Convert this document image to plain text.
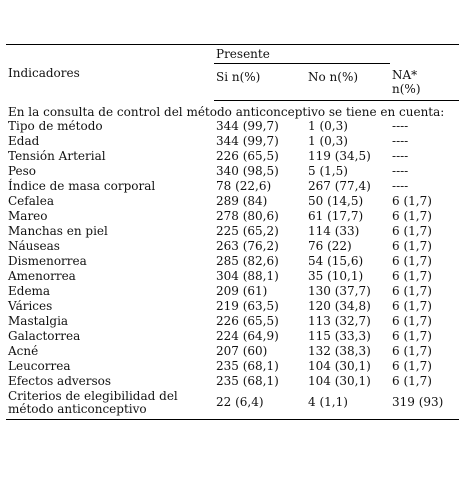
Indicadores	Presente		
	Si n(%)	No n(%)	NA*
n(%)
En la consulta de control del método anticonceptivo se tiene en cuenta:			
Tipo de método	344 (99,7)	1 (0,3)	----
Edad	344 (99,7)	1 (0,3)	----
Tensión Arterial	226 (65,5)	119 (34,5)	----
Peso	340 (98,5)	5 (1,5)	----
Índice de masa corporal	78 (22,6)	267 (77,4)	----
Cefalea	289 (84)	50 (14,5)	6 (1,7)
Mareo	278 (80,6)	61 (17,7)	6 (1,7)
Manchas en piel	225 (65,2)	114 (33)	6 (1,7)
Náuseas	263 (76,2)	76 (22)	6 (1,7)
Dismenorrea	285 (82,6)	54 (15,6)	6 (1,7)
Amenorrea	304 (88,1)	35 (10,1)	6 (1,7)
Edema	209 (61)	130 (37,7)	6 (1,7)
Várices	219 (63,5)	120 (34,8)	6 (1,7)
Mastalgia	226 (65,5)	113 (32,7)	6 (1,7)
Galactorrea	224 (64,9)	115 (33,3)	6 (1,7)
Acné	207 (60)	132 (38,3)	6 (1,7)
Leucorrea	235 (68,1)	104 (30,1)	6 (1,7)
Efectos adversos	235 (68,1)	104 (30,1)	6 (1,7)
Criterios de elegibilidad del método anticonceptivo	22 (6,4)	4 (1,1)	319 (93)
